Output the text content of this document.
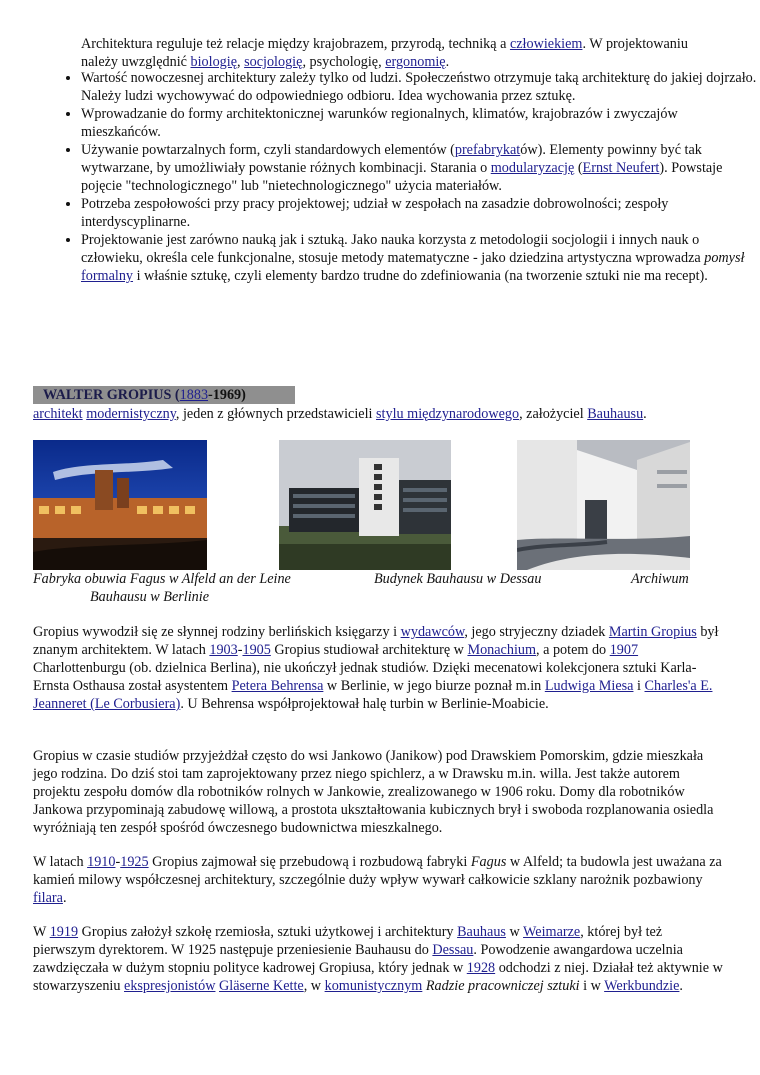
Architektura reguluje też relacje między krajobrazem, przyrodą, techniką a człowiekiem. W projektowaniu należy uwzględnić biologię, socjologię, psychologię, ergonomię.

• Wartość nowoczesnej architektury zależy tylko od ludzi. Społeczeństwo otrzymuje taką architekturę do jakiej dojrzało. Należy ludzi wychowywać do odpowiedniego odbioru. Idea wychowania przez sztukę.
• Wprowadzanie do formy architektonicznej warunków regionalnych, klimatów, krajobrazów i zwyczajów mieszkańców.
• Używanie powtarzalnych form, czyli standardowych elementów (prefabrykatów). Elementy powinny być tak wytwarzane, by umożliwiały powstanie różnych kombinacji. Starania o modularyzację (Ernst Neufert). Powstaje pojęcie "technologicznego" lub "nietechnologicznego" użycia materiałów.
• Potrzeba zespołowości przy pracy projektowej; udział w zespołach na zasadzie dobrowolności; zespoły interdyscyplinarne.
• Projektowanie jest zarówno nauką jak i sztuką. Jako nauka korzysta z metodologii socjologii i innych nauk o człowieku, określa cele funkcjonalne, stosuje metody matematyczne - jako dziedzina artystyczna wprowadza pomysł formalny i właśnie sztukę, czyli elementy bardzo trudne do zdefiniowania (na tworzenie sztuki nie ma recept).
WALTER GROPIUS (1883-1969)

architekt modernistyczny, jeden z głównych przedstawicieli stylu międzynarodowego, założyciel Bauhausu.

Fabryka obuwia Fagus w Alfeld an der Leine	Budynek Bauhausu w Dessau	Archiwum
Bauhausu w Berlinie

Gropius wywodził się ze słynnej rodziny berlińskich księgarzy i wydawców, jego stryjeczny dziadek Martin Gropius był znanym architektem. W latach 1903-1905 Gropius studiował architekturę w Monachium, a potem do 1907 Charlottenburgu (ob. dzielnica Berlina), nie ukończył jednak studiów. Dzięki mecenatowi kolekcjonera sztuki Karla-Ernsta Osthausa został asystentem Petera Behrensa w Berlinie, w jego biurze poznał m.in Ludwiga Miesa i Charles'a E. Jeanneret (Le Corbusiera). U Behrensa współprojektował halę turbin w Berlinie-Moabicie.

Gropius w czasie studiów przyjeżdżał często do wsi Jankowo (Janikow) pod Drawskiem Pomorskim, gdzie mieszkała jego rodzina. Do dziś stoi tam zaprojektowany przez niego spichlerz, a w Drawsku m.in. willa. Jest także autorem projektu zespołu domów dla robotników rolnych w Jankowie, zrealizowanego w 1906 roku. Domy dla robotników Jankowa przypominają zabudowę willową, a prostota ukształtowania kubicznych brył i swoboda rozplanowania osiedla wyróżniają ten zespół spośród ówczesnego budownictwa mieszkalnego.

W latach 1910-1925 Gropius zajmował się przebudową i rozbudową fabryki Fagus w Alfeld; ta budowla jest uważana za kamień milowy współczesnej architektury, szczególnie duży wpływ wywarł całkowicie szklany narożnik pozbawiony filara.

W 1919 Gropius założył szkołę rzemiosła, sztuki użytkowej i architektury Bauhaus w Weimarze, której był też pierwszym dyrektorem. W 1925 następuje przeniesienie Bauhausu do Dessau. Powodzenie awangardowa uczelnia zawdzięczała w dużym stopniu polityce kadrowej Gropiusa, który jednak w 1928 odchodzi z niej. Działał też aktywnie w stowarzyszeniu ekspresjonistów Gläserne Kette, w komunistycznym Radzie pracowniczej sztuki i w Werkbundzie.
